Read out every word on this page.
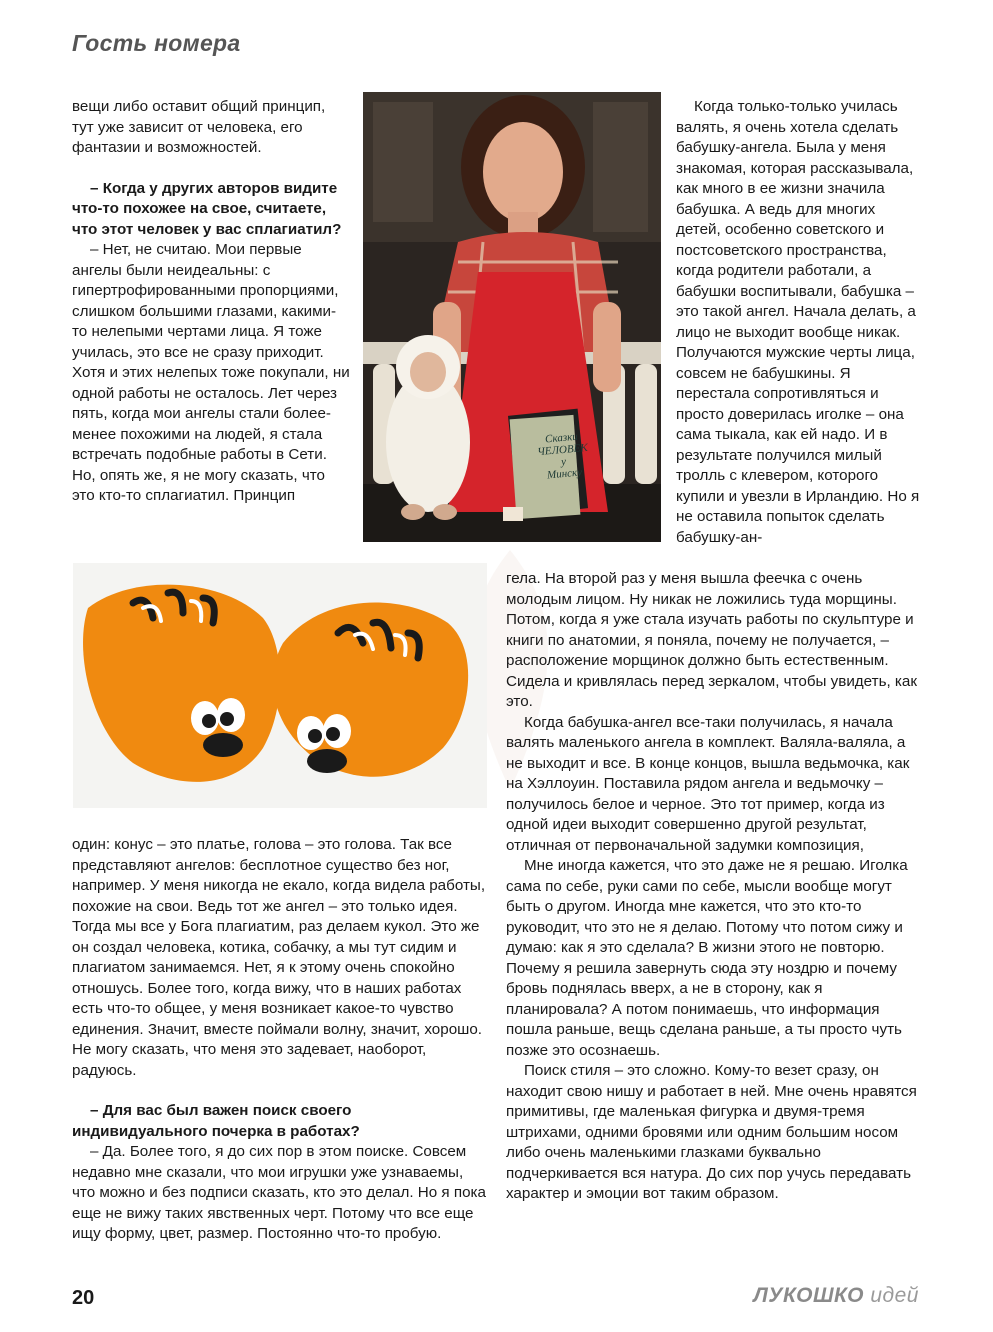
Гость номера

вещи либо оставит общий принцип, тут уже зависит от человека, его фантазии и возможностей.

– Когда у других авторов видите что-то похожее на свое, считаете, что этот человек у вас сплагиатил?

– Нет, не считаю. Мои первые ангелы были неидеальны: с гипертрофированными пропорциями, слишком большими глазами, какими-то нелепыми чертами лица. Я тоже училась, это все не сразу приходит. Хотя и этих нелепых тоже покупали, ни одной работы не осталось. Лет через пять, когда мои ангелы стали более-менее похожими на людей, я стала встречать подобные работы в Сети. Но, опять же, я не могу сказать, что это кто-то сплагиатил. Принцип

Сказки
ЧЕЛОВЕК
у
Минску

Когда только-только училась валять, я очень хотела сделать бабушку-ангела. Была у меня знакомая, которая рассказывала, как много в ее жизни значила бабушка. А ведь для многих детей, особенно советского и постсоветского пространства, когда родители работали, а бабушки воспитывали, бабушка – это такой ангел. Начала делать, а лицо не выходит вообще никак. Получаются мужские черты лица, совсем не бабушкины. Я перестала сопротивляться и просто доверилась иголке – она сама тыкала, как ей надо. И в результате получился милый тролль с клевером, которого купили и увезли в Ирландию. Но я не оставила попыток сделать бабушку-ан-

гела. На второй раз у меня вышла феечка с очень молодым лицом. Ну никак не ложились туда морщины. Потом, когда я уже стала изучать работы по скульптуре и книги по анатомии, я поняла, почему не получается, – расположение морщинок должно быть естественным. Сидела и кривлялась перед зеркалом, чтобы увидеть, как это.

Когда бабушка-ангел все-таки получилась, я начала валять маленького ангела в комплект. Валяла-валяла, а не выходит и все. В конце концов, вышла ведьмочка, как на Хэллоуин. Поставила рядом ангела и ведьмочку – получилось белое и черное. Это тот пример, когда из одной идеи выходит совершенно другой результат, отличная от первоначальной задумки композиция,

Мне иногда кажется, что это даже не я решаю. Иголка сама по себе, руки сами по себе, мысли вообще могут быть о другом. Иногда мне кажется, что это кто-то руководит, что это не я делаю. Потому что потом сижу и думаю: как я это сделала? В жизни этого не повторю. Почему я решила завернуть сюда эту ноздрю и почему бровь поднялась вверх, а не в сторону, как я планировала? А потом понимаешь, что информация пошла раньше, вещь сделана раньше, а ты просто чуть позже это осознаешь.

Поиск стиля – это сложно. Кому-то везет сразу, он находит свою нишу и работает в ней. Мне очень нравятся примитивы, где маленькая фигурка и двумя-тремя штрихами, одними бровями или одним большим носом либо очень маленькими глазками буквально подчеркивается вся натура. До сих пор учусь передавать характер и эмоции вот таким образом.

один: конус – это платье, голова – это голова. Так все представляют ангелов: бесплотное существо без ног, например. У меня никогда не екало, когда видела работы, похожие на свои. Ведь тот же ангел – это только идея. Тогда мы все у Бога плагиатим, раз делаем кукол. Это же он создал человека, котика, собачку, а мы тут сидим и плагиатом занимаемся. Нет, я к этому очень спокойно отношусь. Более того, когда вижу, что в наших работах есть что-то общее, у меня возникает какое-то чувство единения. Значит, вместе поймали волну, значит, хорошо. Не могу сказать, что меня это задевает, наоборот, радуюсь.

– Для вас был важен поиск своего индивидуального почерка в работах?

– Да. Более того, я до сих пор в этом поиске. Совсем недавно мне сказали, что мои игрушки уже узнаваемы, что можно и без подписи сказать, кто это делал. Но я пока еще не вижу таких явственных черт. Потому что все еще ищу форму, цвет, размер. Постоянно что-то пробую.

20	ЛУКОШКО идей
